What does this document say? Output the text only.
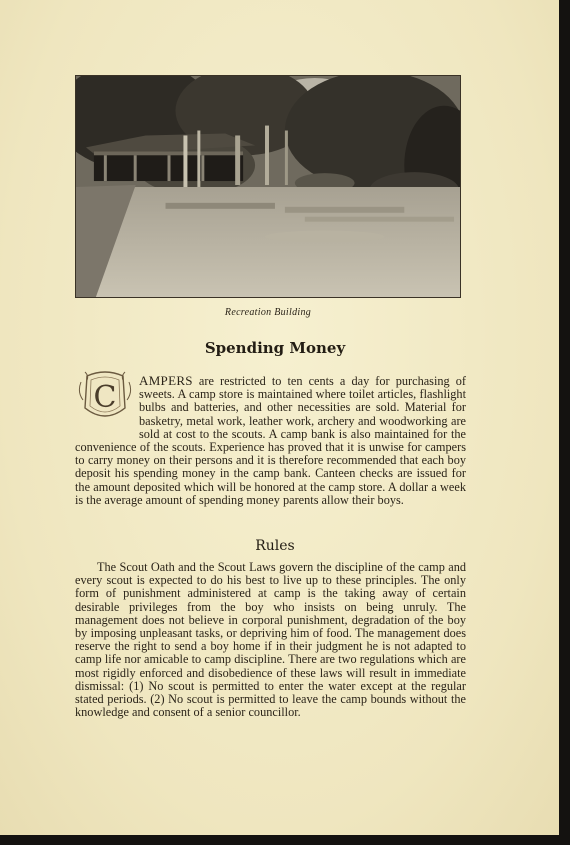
Recreation Building
Spending Money
C AMPERS are restricted to ten cents a day for purchasing of sweets. A camp store is maintained where toilet articles, flashlight bulbs and batteries, and other necessities are sold. Material for basketry, metal work, leather work, archery and woodworking are sold at cost to the scouts. A camp bank is also maintained for the convenience of the scouts. Experience has proved that it is unwise for campers to carry money on their persons and it is therefore recommended that each boy deposit his spending money in the camp bank. Canteen checks are issued for the amount deposited which will be honored at the camp store. A dollar a week is the average amount of spending money parents allow their boys.
Rules
The Scout Oath and the Scout Laws govern the discipline of the camp and every scout is expected to do his best to live up to these principles. The only form of punishment administered at camp is the taking away of certain desirable privileges from the boy who insists on being unruly. The management does not believe in corporal punishment, degradation of the boy by imposing unpleasant tasks, or depriving him of food. The management does reserve the right to send a boy home if in their judgment he is not adapted to camp life nor amicable to camp discipline. There are two regulations which are most rigidly enforced and disobedience of these laws will result in immediate dismissal: (1) No scout is permitted to enter the water except at the regular stated periods. (2) No scout is permitted to leave the camp bounds without the knowledge and consent of a senior councillor.
